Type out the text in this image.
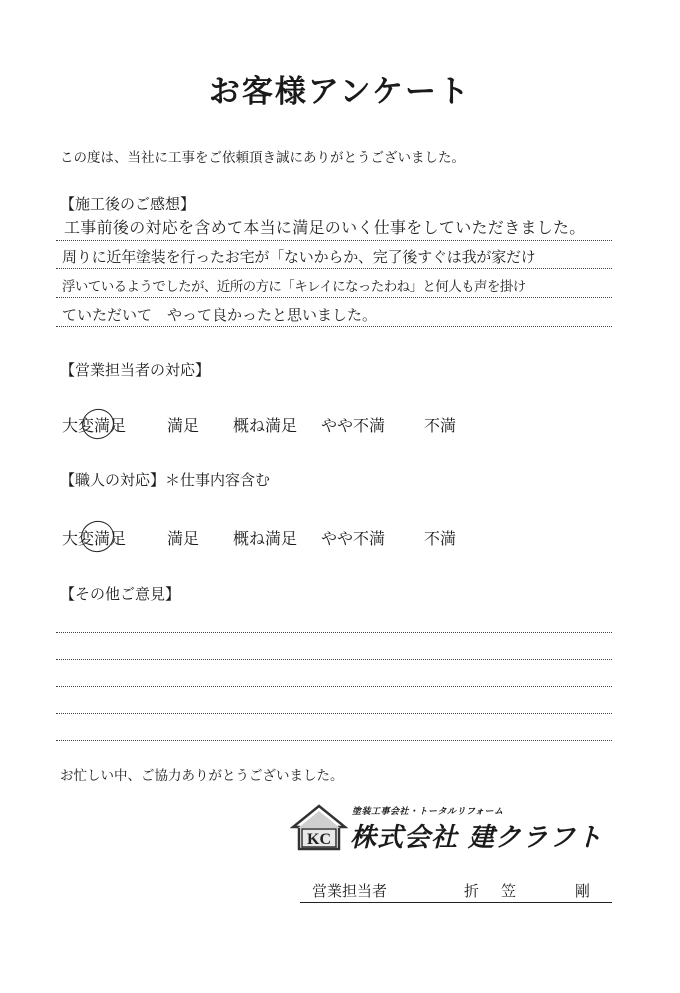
お客様アンケート
この度は、当社に工事をご依頼頂き誠にありがとうございました。
【施工後のご感想】
工事前後の対応を含めて本当に満足のいく仕事をしていただきました。
周りに近年塗装を行ったお宅が「ないからか、完了後すぐは我が家だけ
浮いているようでしたが、近所の方に「キレイになったわね」と何人も声を掛け
ていただいて　やって良かったと思いました。
【営業担当者の対応】
大変満足	満足 概ね満足 やや不満 不満
【職人の対応】＊仕事内容含む
大変満足	満足 概ね満足 やや不満 不満
【その他ご意見】
お忙しい中、ご協力ありがとうございました。
KC
塗装工事会社・トータルリフォーム
株式会社 建クラフト
営業担当者	折笠　剛
